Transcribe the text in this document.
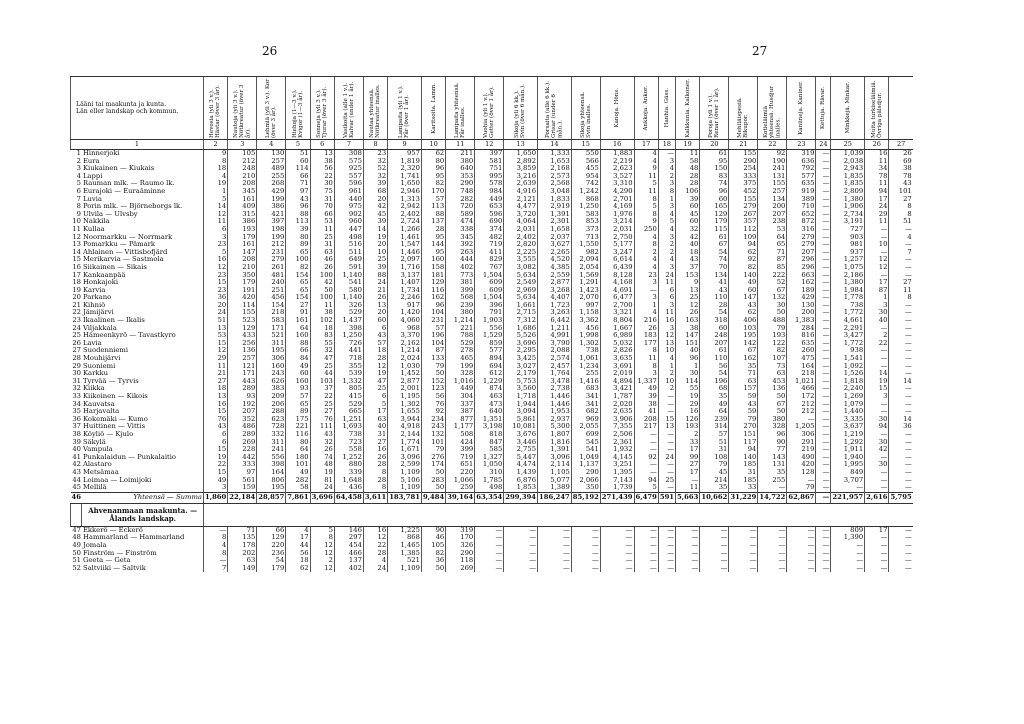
26	27
Lääni tai maakunta ja kunta.
Län eller landskap och kommun.		Hevosia (yli 3 v.). Hästar (över 3 år).	Nautoja (yli 3 v.). Nötkreatur (över 3 år).	Lehmiä (yli 3 v.). Kor (över 3 år).	Hiehoja (1—3 v.). Kvigor (1—3 år).	Sonneja (yli 3 v.). Tjurar (över 3 år).	Vasikoita (alle 1 v.). Kalvar (under 1 år).	Nautaa yhteensä. Nötkreatur inalles.	Lampaita (yli 1 v.). Får (över 1 år).	Karitsoita. Lamm.	Lampaita yhteensä. Får inalles.	Vuohia (yli 1 v.). Getter (över 1 år).	Sikoja (yli 6 kk.). Svin (över 6 mån.).	Porsaita (alle 6 kk.). Grisar (under 6 mån.).	Sikoja yhteensä. Svin inalles.	Kanoja. Höns.	Ankkoja. Ankor.	Hanhia. Gäss.	Kalkkunia. Kalkoner.	Poroja (yli 1 v.). Renar (över 1 år).	Mehiläispesiä. Bikupor.	Kotieläimiä yhteensä. Husdjur inalles.	Kaniineja. Kaniner.	Kettuja. Rävar.	Minkkejä. Minkar.	Muita turkiseläimiä. Övriga pälsdjur.	

1		2	3	4	5	6	7	8	9	10	11	12	13	14	15	16	17	18	19	20	21	22	23	24	25	26	27
1	Hinnerjoki	9	105	130	51	13	308	23	957	62	211	397	1,650	1,333	550	1,883	4	—	11	61	155	92	319	—	1,039	16	26
2	Eura	8	212	257	60	38	575	32	1,819	80	380	581	2,892	1,653	566	2,219	4	3	58	95	290	190	636	—	2,038	11	69
3	Kiukainen — Kiukais	18	248	489	114	56	925	52	2,320	96	640	751	3,859	2,168	455	2,623	9	4	48	150	254	241	792	—	2,943	34	38
4	Lappi	4	210	255	66	22	557	32	1,741	95	353	995	3,216	2,573	954	3,527	11	2	28	83	333	131	577	—	1,835	78	78
5	Rauman mlk. — Raumo lk.	19	208	268	71	30	596	39	1,650	82	290	578	2,639	2,568	742	3,310	5	3	28	74	375	155	635	—	1,835	11	43
6	Eurajoki — Euraåminne	1	345	429	97	75	961	68	2,946	170	748	984	4,916	3,048	1,242	4,290	11	8	106	96	452	257	919	—	2,809	94	101
7	Luvia	5	161	199	43	31	440	20	1,313	57	282	449	2,121	1,833	868	2,701	8	1	39	60	155	134	389	—	1,380	17	27
8	Porin mlk. — Björneborgs lk.	14	409	386	96	70	975	42	2,942	113	720	653	4,477	2,919	1,250	4,169	5	3	60	165	279	200	710	—	1,906	24	8
9	Ulvila — Ulvsby	12	315	421	88	66	902	45	2,402	88	589	596	3,720	1,391	583	1,976	8	4	45	129	267	207	652	—	2,734	29	8
10	Nakkila	11	386	397	113	53	960	39	2,724	137	474	690	4,064	2,301	853	3,214	9	5	60	179	357	238	872	—	3,191	11	51
11	Kullaa	6	193	198	39	11	447	14	1,266	28	338	374	2,031	1,658	373	2,031	250	4	32	115	112	53	316	—	727	—	—
12	Noormarkku — Norrmark	3	179	199	80	25	498	19	1,461	95	345	482	2,402	2,037	713	2,750	4	3	42	61	109	64	279	—	903	—	4
13	Pomarkku — Påmark	23	161	212	89	31	516	20	1,547	144	392	719	2,820	3,627	1,550	5,177	8	2	40	67	94	65	279	—	981	10	—
14	Ahlainen — Vittisbofjärd	5	147	231	65	63	511	10	1,446	95	263	411	2,225	2,265	982	3,247	2	2	18	54	62	71	207	—	937	—	7
15	Merikarvia — Sastmola	16	208	279	100	46	649	25	2,097	160	444	829	3,555	4,520	2,094	6,614	4	4	43	74	92	87	296	—	1,257	12	—
16	Siikainen — Sikais	12	210	261	82	26	591	39	1,716	158	402	767	3,082	4,385	2,054	6,439	4	3	37	70	82	85	296	—	1,075	12	—
17	Kankaanpää	23	350	481	154	100	1,140	88	3,137	181	773	1,504	5,634	2,559	1,569	8,128	23	24	153	134	140	222	663	—	2,186	—	—
18	Honkajoki	15	179	240	65	42	541	24	1,407	129	381	609	2,549	2,877	1,291	4,168	3	11	9	41	49	52	162	—	1,380	17	27
19	Karvia	23	191	251	65	50	580	21	1,734	116	399	609	2,969	3,268	1,423	4,691	—	6	13	43	60	67	189	—	1,984	87	11
20	Parkano	36	420	456	154	100	1,140	26	2,246	162	568	1,504	5,634	4,407	2,070	6,477	3	6	25	110	147	132	429	—	1,778	1	8
21	Kihniö	20	114	154	27	11	326	13	917	96	239	396	1,661	1,723	997	2,700	1	3	12	28	43	30	130	—	738	3	—
22	Jämijärvi	24	155	218	91	38	529	20	1,420	104	380	791	2,715	3,263	1,158	3,321	4	11	26	54	62	50	200	—	1,772	30	—
23	Ikaalinen — Ikalis	51	523	583	161	102	1,437	60	4,060	231	1,214	1,903	7,312	6,442	3,362	8,804	216	16	163	318	406	488	1,383	—	4,661	40	—
24	Viljakkala	13	129	171	64	18	398	6	968	57	221	556	1,686	1,211	456	1,667	26	3	38	60	103	79	284	—	2,291	—	—
25	Hämeenkyrö — Tavastkyro	53	433	521	160	83	1,250	43	3,370	196	788	1,529	5,526	4,991	1,998	6,989	183	12	147	248	195	193	816	—	3,427	2	—
26	Lavia	15	256	311	88	55	726	57	2,162	104	529	859	3,696	3,790	1,302	5,032	177	13	151	207	142	122	635	—	1,772	22	—
27	Suodenniemi	12	136	195	66	32	441	18	1,214	87	278	577	2,295	2,088	738	2,826	8	10	40	61	67	82	260	—	938	—	—
28	Mouhijärvi	29	257	306	84	47	718	28	2,024	133	465	894	3,425	2,574	1,061	3,635	11	4	96	110	162	107	475	—	1,541	—	—
29	Suoniemi	11	121	160	49	25	355	12	1,030	79	199	694	3,027	2,457	1,234	3,691	8	1	1	56	35	73	164	—	1,092	—	—
30	Karkku	21	171	243	60	44	539	19	1,452	50	328	612	2,179	1,764	255	2,019	3	2	30	54	71	63	218	—	1,526	14	—
31	Tyrvää — Tyrvis	27	443	626	160	103	1,332	47	2,877	152	1,016	1,229	5,753	3,478	1,416	4,894	1,337	10	114	196	63	453	1,021	—	1,818	19	14
32	Kiikka	18	289	383	93	37	805	25	2,001	123	449	874	3,560	2,738	683	3,421	49	2	55	68	157	136	466	—	2,240	15	—
33	Kiikoinen — Kikois	13	93	209	57	22	415	6	1,195	56	304	463	1,718	1,446	341	1,787	39	—	19	35	59	50	172	—	1,269	3	—
34	Kauvatsa	16	192	206	65	25	529	5	1,302	76	337	473	1,944	1,446	341	2,020	38	—	29	49	43	67	212	—	1,079	—	—
35	Harjavalta	15	207	288	89	27	665	17	1,655	92	387	640	3,094	1,953	682	2,635	41	—	16	64	59	50	212	—	1,440	—	—
36	Kokemäki — Kumo	76	352	623	175	76	1,251	63	3,944	234	877	1,351	5,861	2,937	969	3,906	208	15	126	239	79	380	—	—	3,335	30	14
37	Huittinen — Vittis	43	486	728	221	111	1,693	40	4,918	243	1,177	3,198	10,081	5,300	2,055	7,355	217	13	193	314	270	328	1,205	—	3,637	94	36
38	Köyliö — Kjulo	6	289	332	116	43	738	31	2,144	132	508	818	3,676	1,807	699	2,506	—	—	2	57	151	96	306	—	1,219	—	—
39	Säkylä	6	269	311	80	32	723	27	1,774	101	424	847	3,446	1,816	545	2,361	—	—	33	51	117	90	291	—	1,292	30	—
40	Vampula	15	228	241	64	26	558	16	1,671	79	399	585	2,755	1,391	541	1,932	—	—	17	31	94	77	219	—	1,911	42	—
41	Punkalaidun — Punkalaitio	19	442	556	180	74	1,252	26	3,096	276	719	1,327	5,447	3,096	1,049	4,145	92	24	99	108	140	143	490	—	1,940	—	—
42	Alastaro	22	333	398	101	48	880	28	2,599	174	651	1,050	4,474	2,114	1,137	3,251	—	—	27	79	185	131	420	—	1,995	30	—
43	Metsämaa	15	97	164	49	19	339	8	1,109	50	220	310	1,439	1,105	290	1,395	—	—	17	45	31	35	128	—	849	—	—
44	Loimaa — Loimijoki	49	561	806	282	81	1,648	28	5,106	283	1,066	1,785	6,876	5,077	2,066	7,143	94	25	—	214	185	255	—	—	3,707	—	—
45	Mellilä	3	159	195	58	24	436	8	1,109	50	259	498	1,853	1,389	350	1,739	5	—	11	35	33	—	79	—	—	—	—
46	Yhteensä — Summa	1,860	22,184	28,857	7,861	3,696	64,458	3,611	183,781	9,484	39,164	63,354	299,394	186,247	85,192	271,439	6,479	591	5,663	10,662	31,229	14,722	62,867	—	221,957	2,616	5,795
	Ahvenanmaan maakunta. — Ålands landskap.																										
47	Ekkerö — Eckerö	—	71	66	4	5	146	16	1,225	90	319	—	—	—	—	—	—	—	—	—	—	—	—	—	809	17	—
48	Hammarland — Hammarland	8	135	129	17	8	297	12	868	46	170	—	—	—	—	—	—	—	—	—	—	—	—	—	1,390	—	—
49	Jomala	4	178	220	44	12	454	22	1,465	105	326	—	—	—	—	—	—	—	—	—	—	—	—	—	—	—	—
50	Finström — Finström	8	202	236	56	12	466	28	1,385	82	290	—	—	—	—	—	—	—	—	—	—	—	—	—	—	—	—
51	Geeta — Geta	—	63	54	18	2	137	4	521	36	118	—	—	—	—	—	—	—	—	—	—	—	—	—	—	—	—
52	Saltviiki — Saltvik	7	149	179	62	12	402	24	1,109	50	269	—	—	—	—	—	—	—	—	—	—	—	—	—	—	—	—
